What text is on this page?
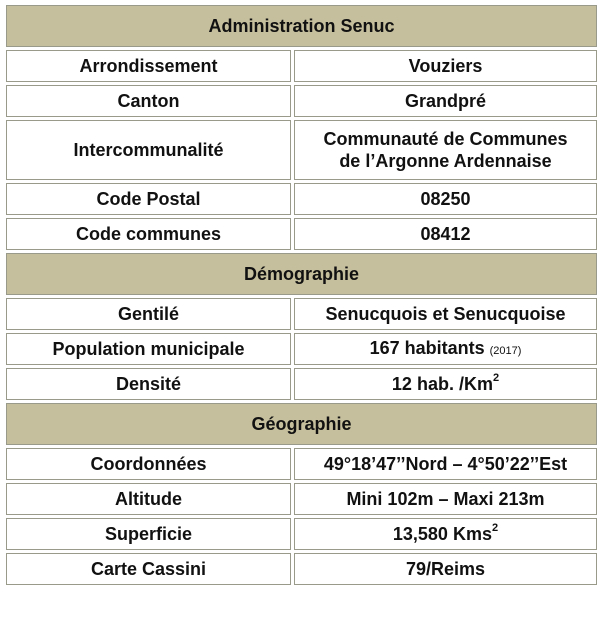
Administration Senuc	
Arrondissement	Vouziers
Canton	Grandpré
Intercommunalité	Communauté de Communes
de l’Argonne Ardennaise

Code Postal	08250
Code communes	08412
Démographie	
Gentilé	Senucquois et Senucquoise
Population municipale	167 habitants (2017)
Densité	12 hab. /Km$^2$
Géographie	
Coordonnées	49°18’47’’Nord – 4°50’22’’Est
Altitude	Mini 102m – Maxi 213m
Superficie	13,580 Kms$^2$
Carte Cassini	79/Reims
